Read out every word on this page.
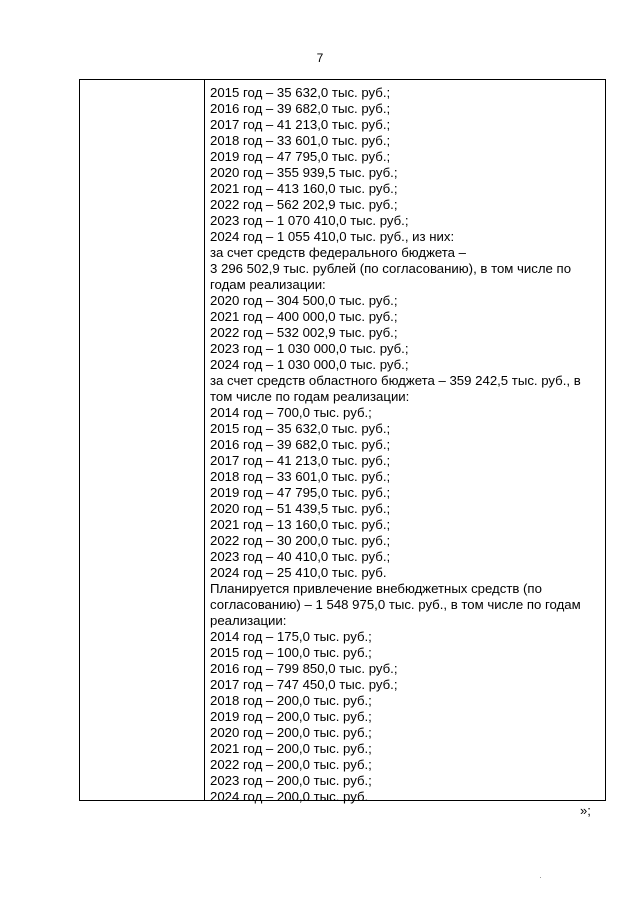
7
2015 год – 35 632,0 тыс. руб.;
2016 год – 39 682,0 тыс. руб.;
2017 год – 41 213,0 тыс. руб.;
2018 год – 33 601,0 тыс. руб.;
2019 год – 47 795,0 тыс. руб.;
2020 год – 355 939,5 тыс. руб.;
2021 год – 413 160,0 тыс. руб.;
2022 год – 562 202,9 тыс. руб.;
2023 год – 1 070 410,0 тыс. руб.;
2024 год – 1 055 410,0 тыс. руб., из них:
за счет средств федерального бюджета –
3 296 502,9 тыс. рублей (по согласованию), в том числе по
годам реализации:
2020 год – 304 500,0 тыс. руб.;
2021 год – 400 000,0 тыс. руб.;
2022 год – 532 002,9 тыс. руб.;
2023 год – 1 030 000,0 тыс. руб.;
2024 год – 1 030 000,0 тыс. руб.;
за счет средств областного бюджета – 359 242,5 тыс. руб., в
том числе по годам реализации:
2014 год – 700,0 тыс. руб.;
2015 год – 35 632,0 тыс. руб.;
2016 год – 39 682,0 тыс. руб.;
2017 год – 41 213,0 тыс. руб.;
2018 год – 33 601,0 тыс. руб.;
2019 год – 47 795,0 тыс. руб.;
2020 год – 51 439,5 тыс. руб.;
2021 год – 13 160,0 тыс. руб.;
2022 год – 30 200,0 тыс. руб.;
2023 год – 40 410,0 тыс. руб.;
2024 год – 25 410,0 тыс. руб.
Планируется привлечение внебюджетных средств (по
согласованию) – 1 548 975,0 тыс. руб., в том числе по годам
реализации:
2014 год – 175,0 тыс. руб.;
2015 год – 100,0 тыс. руб.;
2016 год – 799 850,0 тыс. руб.;
2017 год – 747 450,0 тыс. руб.;
2018 год – 200,0 тыс. руб.;
2019 год – 200,0 тыс. руб.;
2020 год – 200,0 тыс. руб.;
2021 год – 200,0 тыс. руб.;
2022 год – 200,0 тыс. руб.;
2023 год – 200,0 тыс. руб.;
2024 год – 200,0 тыс. руб.
»;
